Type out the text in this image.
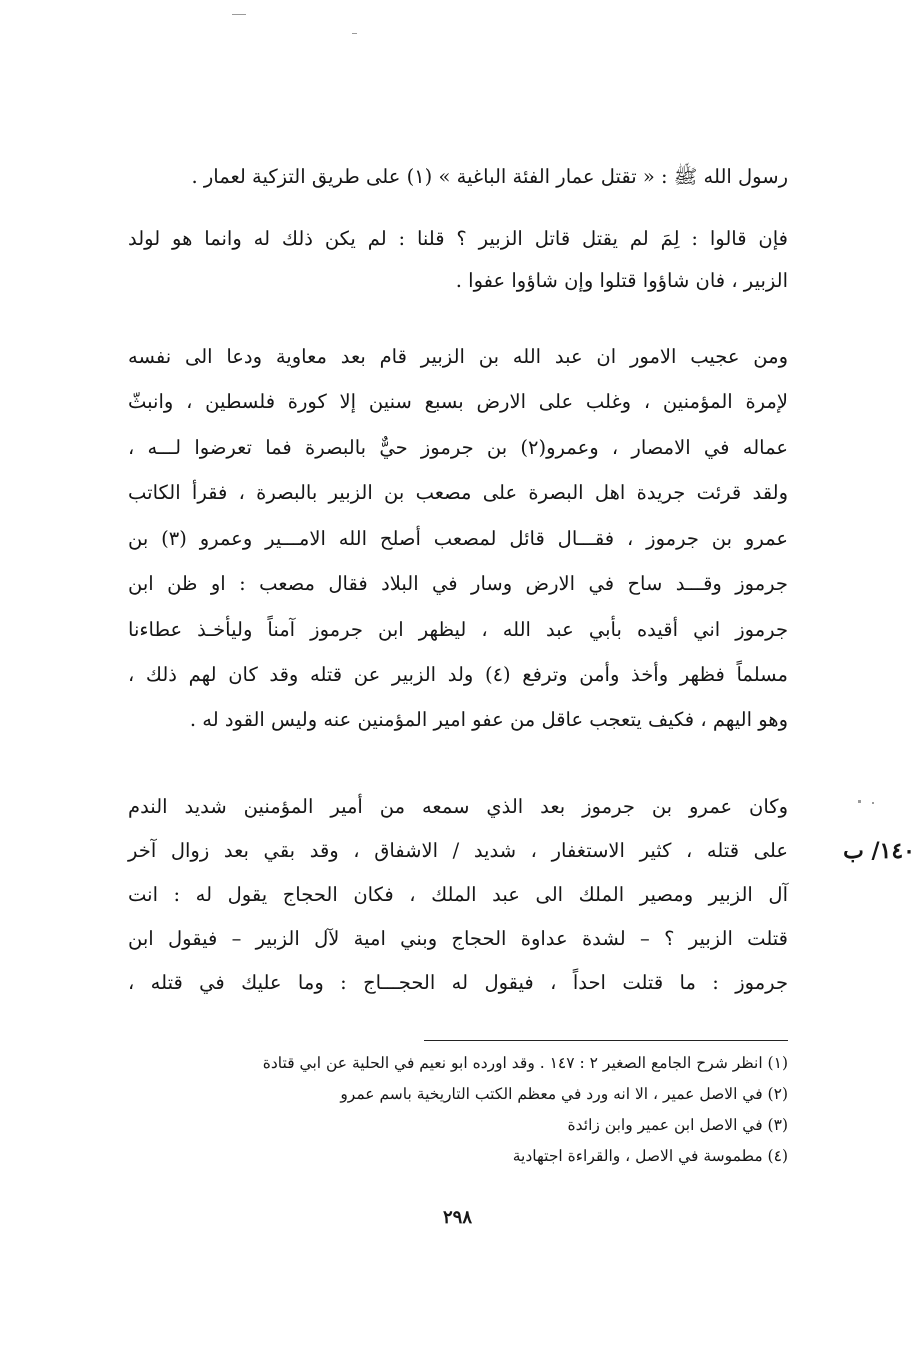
رسول الله ﷺ : « تقتل عمار الفئة الباغية » (١) على طريق التزكية لعمار .
فإن قالوا : لِمَ لم يقتل قاتل الزبير ؟ قلنا : لم يكن ذلك له وانما هو لولد
الزبير ، فان شاؤوا قتلوا وإن شاؤوا عفوا .
ومن عجيب الامور ان عبد الله بن الزبير قام بعد معاوية ودعا الى نفسه
لإمرة المؤمنين ، وغلب على الارض بسبع سنين إلا كورة فلسطين ، وانبثّ
عماله في الامصار ، وعمرو(٢) بن جرموز حيٌّ بالبصرة فما تعرضوا لـــه ،
ولقد قرئت جريدة اهل البصرة على مصعب بن الزبير بالبصرة ، فقرأ الكاتب
عمرو بن جرموز ، فقـــال قائل لمصعب أصلح الله الامـــير وعمرو (٣) بن
جرموز وقـــد ساح في الارض وسار في البلاد فقال مصعب : او ظن ابن
جرموز اني أقيده بأبي عبد الله ، ليظهر ابن جرموز آمناً وليأخـذ عطاءنا
مسلماً فظهر وأخذ وأمن وترفع (٤) ولد الزبير عن قتله وقد كان لهم ذلك ،
وهو اليهم ، فكيف يتعجب عاقل من عفو امير المؤمنين عنه وليس القود له .
وكان عمرو بن جرموز بعد الذي سمعه من أمير المؤمنين شديد الندم
على قتله ، كثير الاستغفار ، شديد / الاشفاق ، وقد بقي بعد زوال آخر
آل الزبير ومصير الملك الى عبد الملك ، فكان الحجاج يقول له : انت
قتلت الزبير ؟ – لشدة عداوة الحجاج وبني امية لآل الزبير – فيقول ابن
جرموز : ما قتلت احداً ، فيقول له الحجـــاج : وما عليك في قتله ،
١٤٠/ ب
(١) انظر شرح الجامع الصغير ٢ : ١٤٧ . وقد اورده ابو نعيم في الحلية عن ابي قتادة
(٢) في الاصل عمير ، الا انه ورد في معظم الكتب التاريخية باسم عمرو
(٣) في الاصل ابن عمير وابن زائدة
(٤) مطموسة في الاصل ، والقراءة اجتهادية
٢٩٨
